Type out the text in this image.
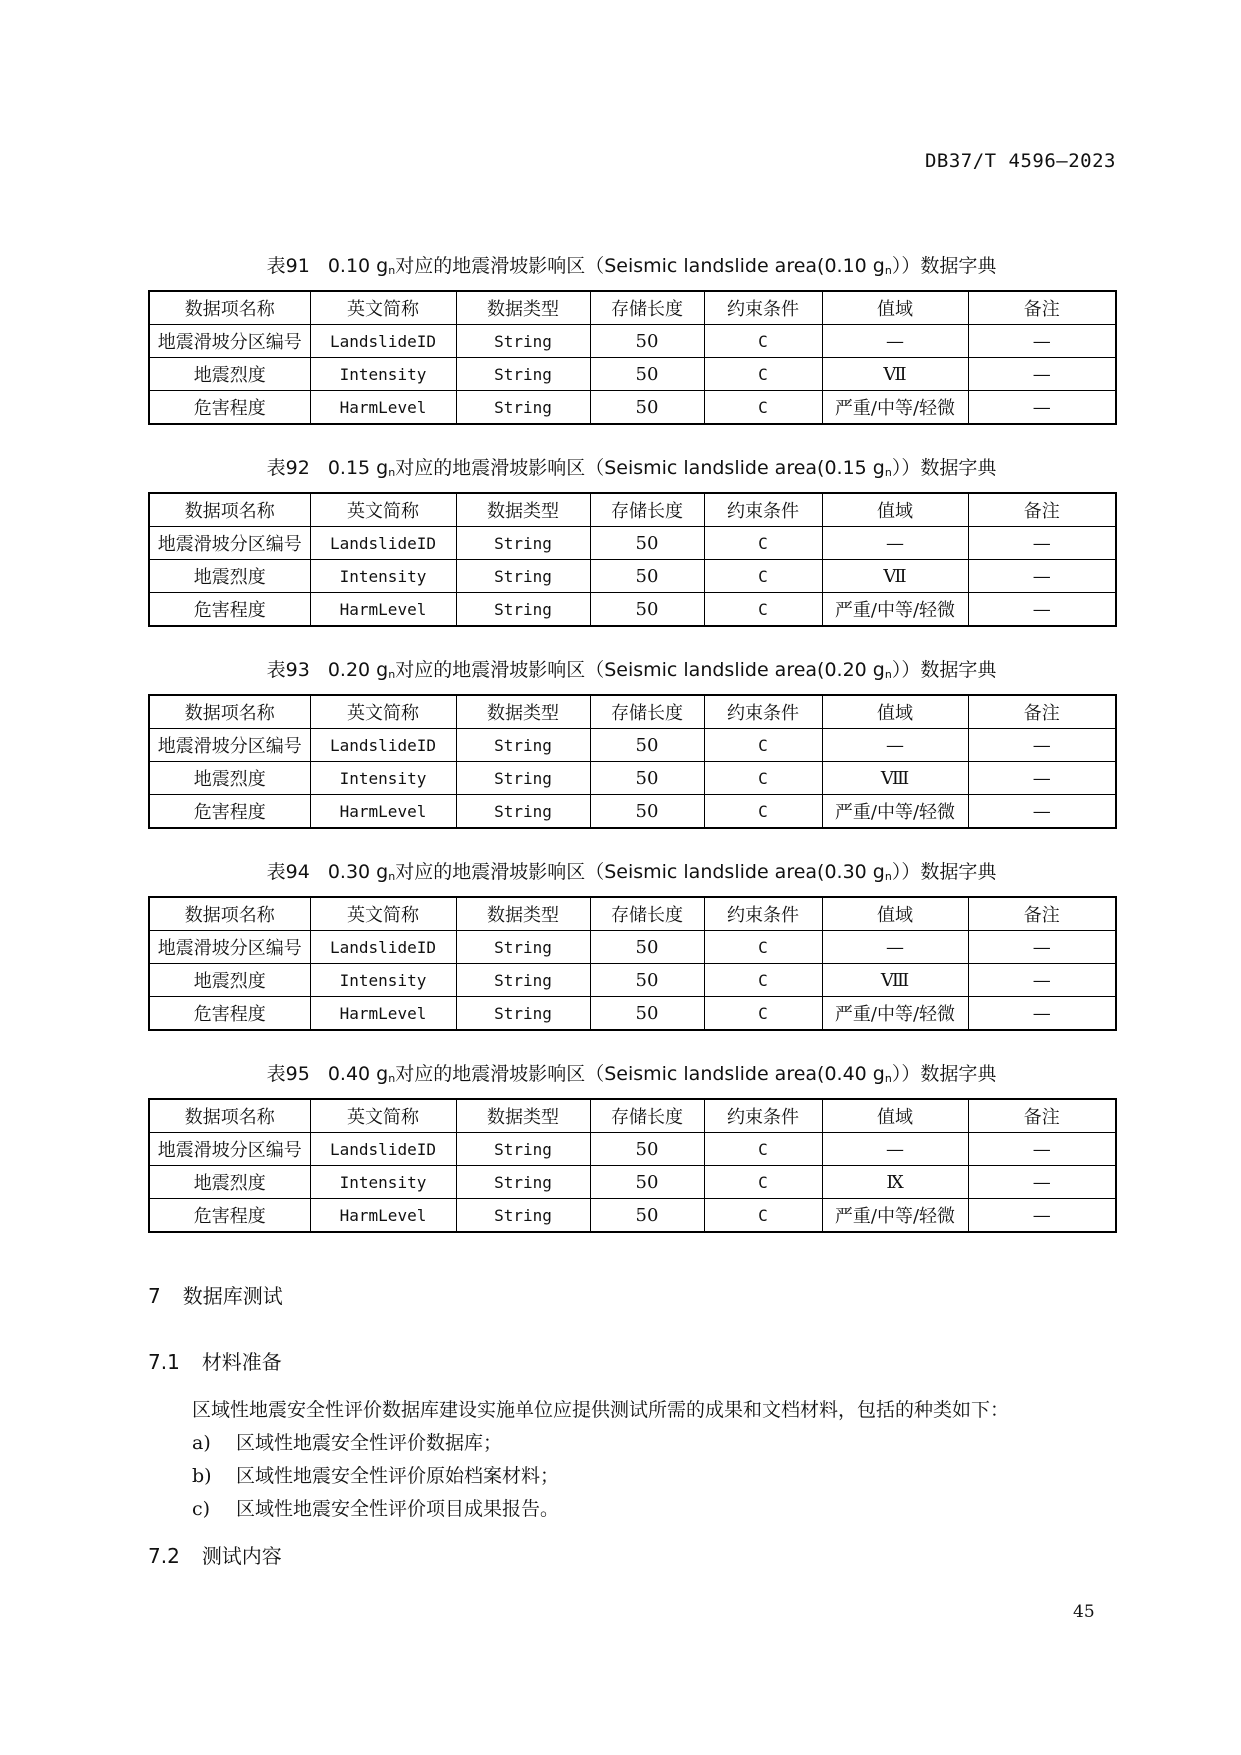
DB37/T 4596—2023
表91 0.10 gn对应的地震滑坡影响区（Seismic landslide area(0.10 gn））数据字典
数据项名称	英文简称	数据类型	存储长度	约束条件	值域	备注
地震滑坡分区编号	LandslideID	String	50	C	—	—
地震烈度	Intensity	String	50	C	Ⅶ	—
危害程度	HarmLevel	String	50	C	严重/中等/轻微	—
表92 0.15 gn对应的地震滑坡影响区（Seismic landslide area(0.15 gn））数据字典
数据项名称	英文简称	数据类型	存储长度	约束条件	值域	备注
地震滑坡分区编号	LandslideID	String	50	C	—	—
地震烈度	Intensity	String	50	C	Ⅶ	—
危害程度	HarmLevel	String	50	C	严重/中等/轻微	—
表93 0.20 gn对应的地震滑坡影响区（Seismic landslide area(0.20 gn））数据字典
数据项名称	英文简称	数据类型	存储长度	约束条件	值域	备注
地震滑坡分区编号	LandslideID	String	50	C	—	—
地震烈度	Intensity	String	50	C	Ⅷ	—
危害程度	HarmLevel	String	50	C	严重/中等/轻微	—
表94 0.30 gn对应的地震滑坡影响区（Seismic landslide area(0.30 gn））数据字典
数据项名称	英文简称	数据类型	存储长度	约束条件	值域	备注
地震滑坡分区编号	LandslideID	String	50	C	—	—
地震烈度	Intensity	String	50	C	Ⅷ	—
危害程度	HarmLevel	String	50	C	严重/中等/轻微	—
表95 0.40 gn对应的地震滑坡影响区（Seismic landslide area(0.40 gn））数据字典
数据项名称	英文简称	数据类型	存储长度	约束条件	值域	备注
地震滑坡分区编号	LandslideID	String	50	C	—	—
地震烈度	Intensity	String	50	C	Ⅸ	—
危害程度	HarmLevel	String	50	C	严重/中等/轻微	—
7 数据库测试
7.1 材料准备
区域性地震安全性评价数据库建设实施单位应提供测试所需的成果和文档材料，包括的种类如下：
a) 区域性地震安全性评价数据库；
b) 区域性地震安全性评价原始档案材料；
c) 区域性地震安全性评价项目成果报告。
7.2 测试内容
45
